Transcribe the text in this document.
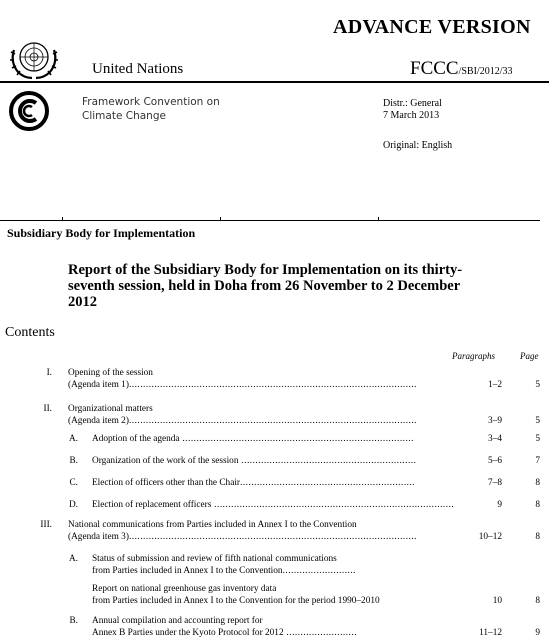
ADVANCE VERSION
United Nations	FCCC/SBI/2012/33
Framework Convention on
Climate Change
Distr.: General
7 March 2013
Original: English
Subsidiary Body for Implementation
Report of the Subsidiary Body for Implementation on its thirty-seventh session, held in Doha from 26 November to 2 December 2012
Contents
Paragraphs	Page
I. Opening of the session
(Agenda item 1)......................................................................................................	1–2	5
II. Organizational matters
(Agenda item 2)......................................................................................................	3–9	5
A. Adoption of the agenda ..................................................................................	3–4	5
B. Organization of the work of the session ..............................................................	5–6	7
C. Election of officers other than the Chair..............................................................	7–8	8
D. Election of replacement officers .....................................................................................	9	8
III. National communications from Parties included in Annex I to the Convention
(Agenda item 3)......................................................................................................	10–12	8
A. Status of submission and review of fifth national communications
from Parties included in Annex I to the Convention..........................
Report on national greenhouse gas inventory data
from Parties included in Annex I to the Convention for the period 1990–2010	10	8
B. Annual compilation and accounting report for
Annex B Parties under the Kyoto Protocol for 2012 .........................	11–12	9
